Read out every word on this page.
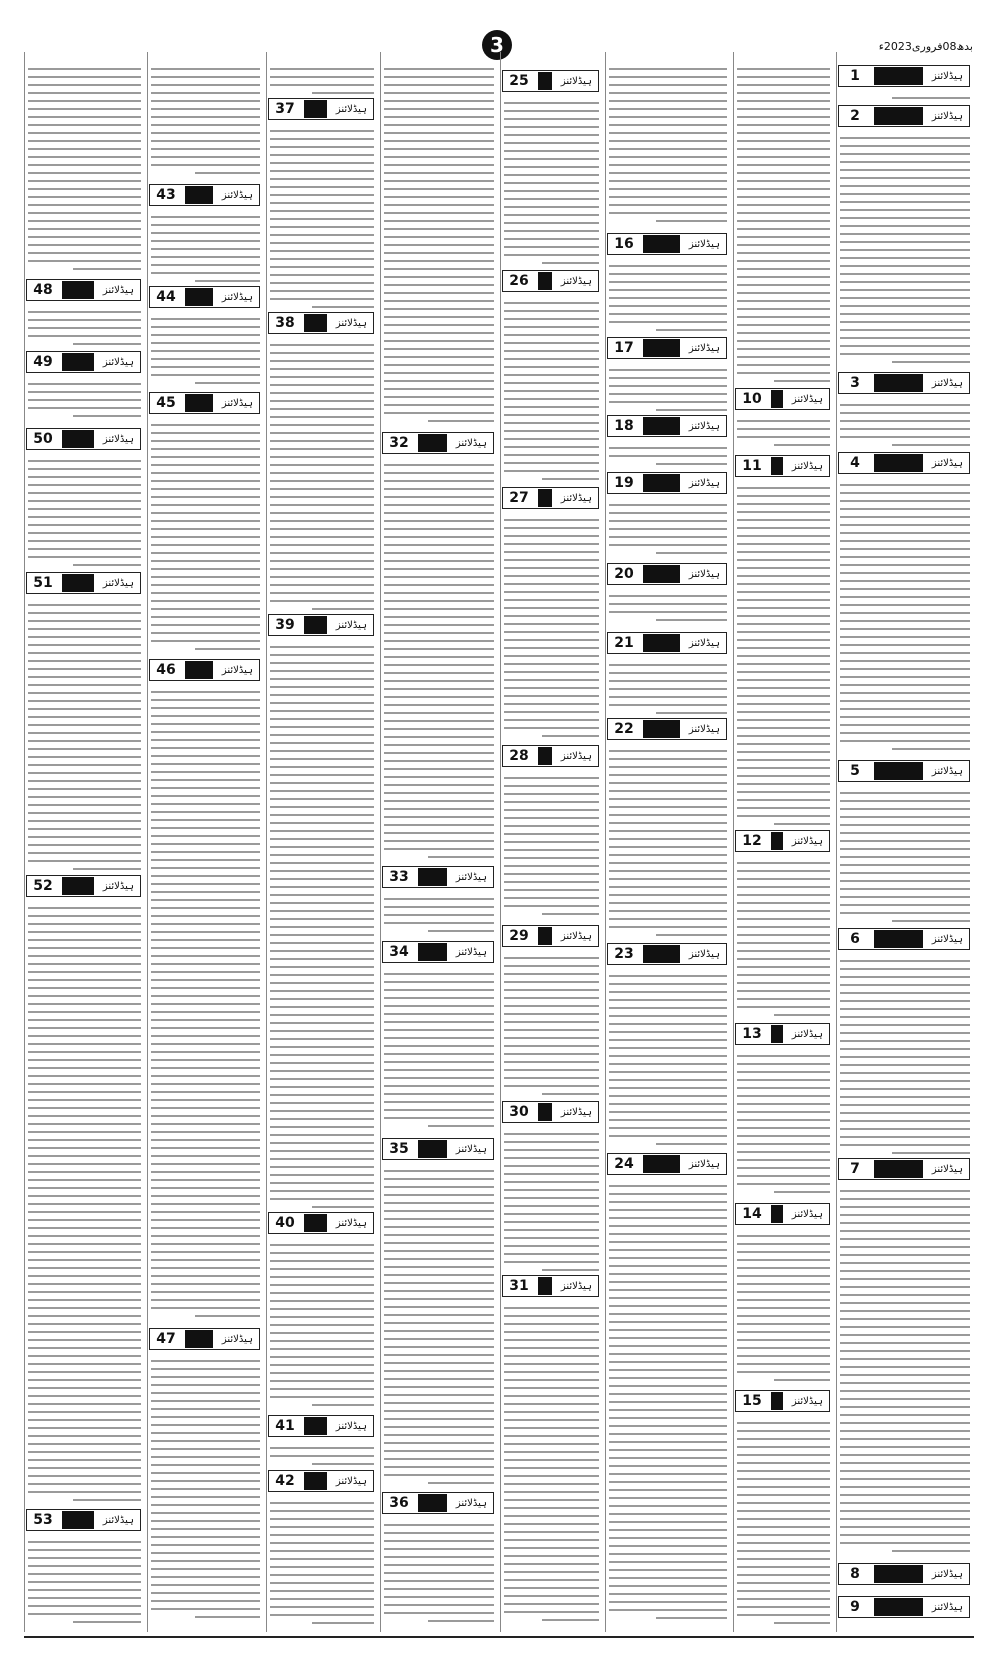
3	بدھ08فروری2023ء
1	ہیڈلائنز
2	ہیڈلائنز
3	ہیڈلائنز
4	ہیڈلائنز
5	ہیڈلائنز
6	ہیڈلائنز
7	ہیڈلائنز
8	ہیڈلائنز
9	ہیڈلائنز
10	ہیڈلائنز
11	ہیڈلائنز
12	ہیڈلائنز
13	ہیڈلائنز
14	ہیڈلائنز
15	ہیڈلائنز
16	ہیڈلائنز
17	ہیڈلائنز
18	ہیڈلائنز
19	ہیڈلائنز
20	ہیڈلائنز
21	ہیڈلائنز
22	ہیڈلائنز
23	ہیڈلائنز
24	ہیڈلائنز
25	ہیڈلائنز
26	ہیڈلائنز
27	ہیڈلائنز
28	ہیڈلائنز
29	ہیڈلائنز
30	ہیڈلائنز
31	ہیڈلائنز
32	ہیڈلائنز
33	ہیڈلائنز
34	ہیڈلائنز
35	ہیڈلائنز
36	ہیڈلائنز
37	ہیڈلائنز
38	ہیڈلائنز
39	ہیڈلائنز
40	ہیڈلائنز
41	ہیڈلائنز
42	ہیڈلائنز
43	ہیڈلائنز
44	ہیڈلائنز
45	ہیڈلائنز
46	ہیڈلائنز
47	ہیڈلائنز
48	ہیڈلائنز
49	ہیڈلائنز
50	ہیڈلائنز
51	ہیڈلائنز
52	ہیڈلائنز
53	ہیڈلائنز
